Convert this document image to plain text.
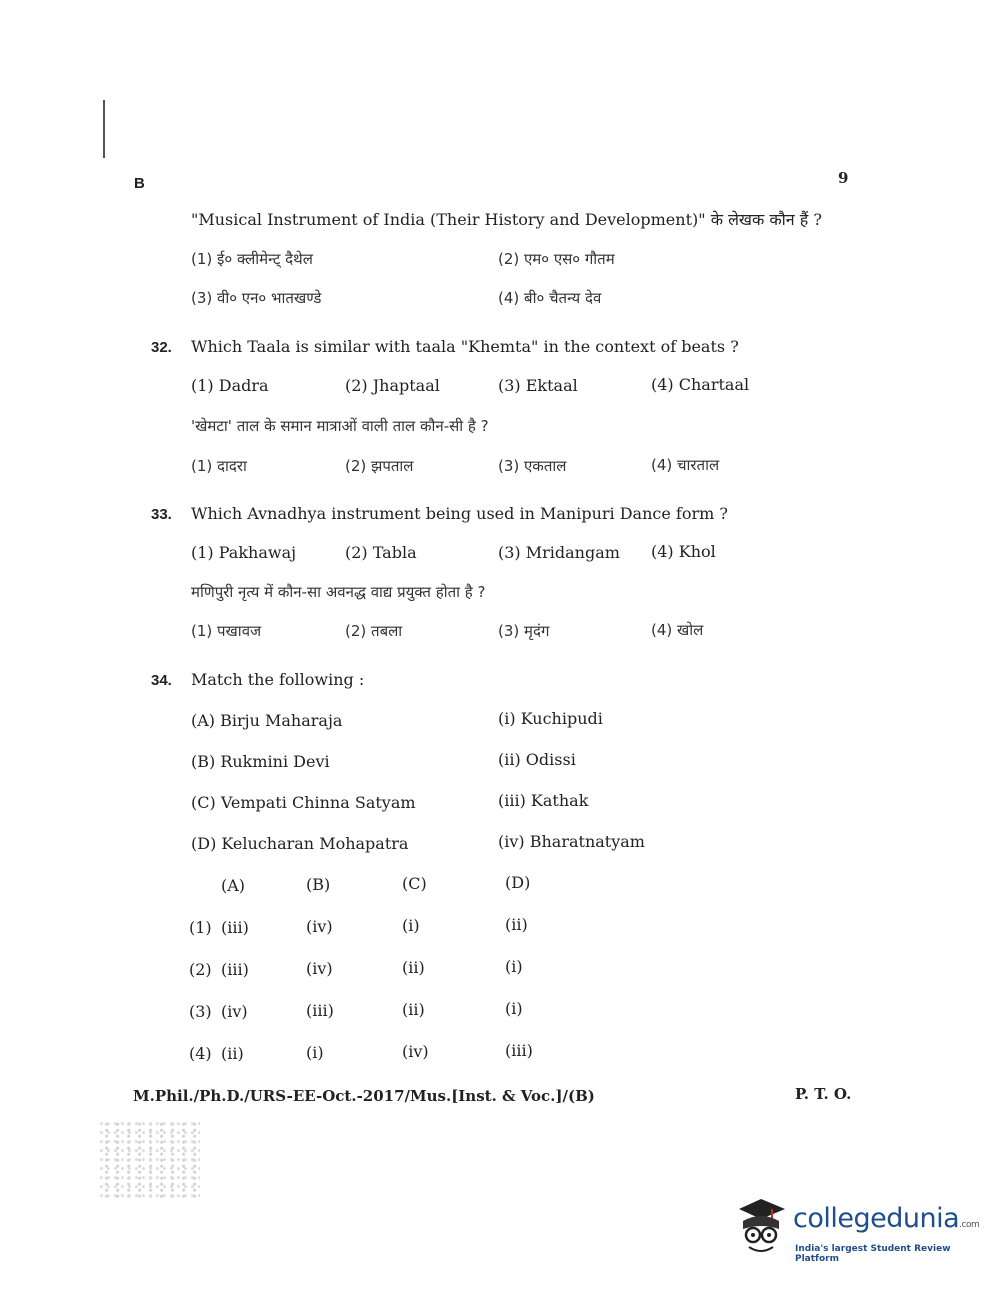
B	9
"Musical Instrument of India (Their History and Development)" के लेखक कौन हैं ?
(1) ई० क्लीमेन्ट् दैथेल	(2) एम० एस० गौतम
(3) वी० एन० भातखण्डे	(4) बी० चैतन्य देव
32. Which Taala is similar with taala "Khemta" in the context of beats ?
(1) Dadra	(2) Jhaptaal	(3) Ektaal	(4) Chartaal
'खेमटा' ताल के समान मात्राओं वाली ताल कौन-सी है ?
(1) दादरा	(2) झपताल	(3) एकताल	(4) चारताल
33. Which Avnadhya instrument being used in Manipuri Dance form ?
(1) Pakhawaj	(2) Tabla	(3) Mridangam (4) Khol
मणिपुरी नृत्य में कौन-सा अवनद्ध वाद्य प्रयुक्त होता है ?
(1) पखावज	(2) तबला	(3) मृदंग	(4) खोल
34. Match the following :
(A) Birju Maharaja	(i) Kuchipudi
(B) Rukmini Devi	(ii) Odissi
(C) Vempati Chinna Satyam	(iii) Kathak
(D) Kelucharan Mohapatra	(iv) Bharatnatyam
(A)	(B)	(C)	(D)
(1) (iii)	(iv)	(i)	(ii)
(2) (iii)	(iv)	(ii)	(i)
(3) (iv)	(iii)	(ii)	(i)
(4) (ii)	(i)	(iv)	(iii)
M.Phil./Ph.D./URS-EE-Oct.-2017/Mus.[Inst. & Voc.]/(B)	P. T. O.
collegedunia.com
India's largest Student Review Platform
